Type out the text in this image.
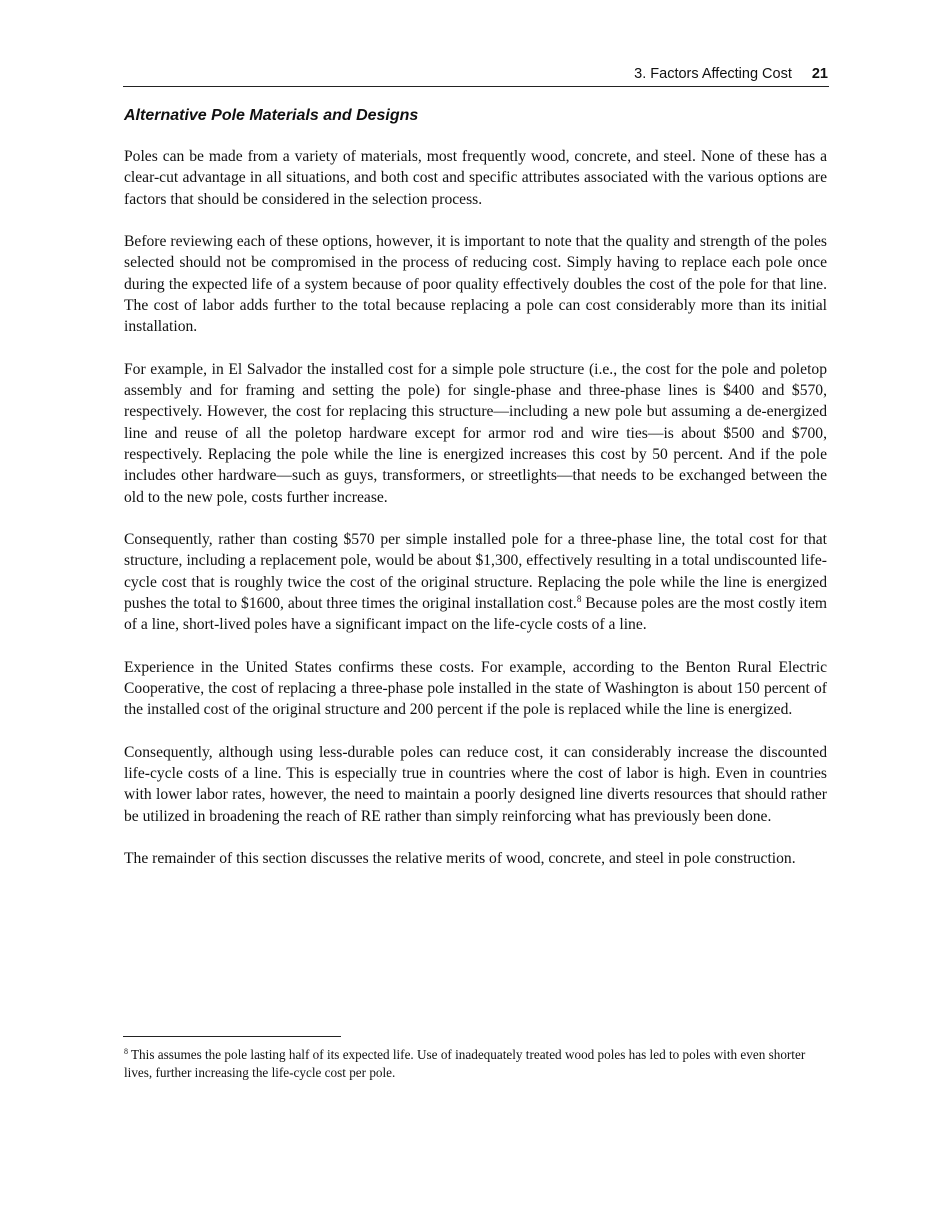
3. Factors Affecting Cost 21
Alternative Pole Materials and Designs

Poles can be made from a variety of materials, most frequently wood, concrete, and steel. None of these has a clear-cut advantage in all situations, and both cost and specific attributes associated with the various options are factors that should be considered in the selection process.

Before reviewing each of these options, however, it is important to note that the quality and strength of the poles selected should not be compromised in the process of reducing cost. Simply having to replace each pole once during the expected life of a system because of poor quality effectively doubles the cost of the pole for that line. The cost of labor adds further to the total because replacing a pole can cost considerably more than its initial installation.

For example, in El Salvador the installed cost for a simple pole structure (i.e., the cost for the pole and poletop assembly and for framing and setting the pole) for single-phase and three-phase lines is $400 and $570, respectively. However, the cost for replacing this structure—including a new pole but assuming a de-energized line and reuse of all the poletop hardware except for armor rod and wire ties—is about $500 and $700, respectively. Replacing the pole while the line is energized increases this cost by 50 percent. And if the pole includes other hardware—such as guys, transformers, or streetlights—that needs to be exchanged between the old to the new pole, costs further increase.

Consequently, rather than costing $570 per simple installed pole for a three-phase line, the total cost for that structure, including a replacement pole, would be about $1,300, effectively resulting in a total undiscounted life-cycle cost that is roughly twice the cost of the original structure. Replacing the pole while the line is energized pushes the total to $1600, about three times the original installation cost.$^8$ Because poles are the most costly item of a line, short-lived poles have a significant impact on the life-cycle costs of a line.

Experience in the United States confirms these costs. For example, according to the Benton Rural Electric Cooperative, the cost of replacing a three-phase pole installed in the state of Washington is about 150 percent of the installed cost of the original structure and 200 percent if the pole is replaced while the line is energized.

Consequently, although using less-durable poles can reduce cost, it can considerably increase the discounted life-cycle costs of a line. This is especially true in countries where the cost of labor is high. Even in countries with lower labor rates, however, the need to maintain a poorly designed line diverts resources that should rather be utilized in broadening the reach of RE rather than simply reinforcing what has previously been done.

The remainder of this section discusses the relative merits of wood, concrete, and steel in pole construction.

$^8$ This assumes the pole lasting half of its expected life. Use of inadequately treated wood poles has led to poles with even shorter lives, further increasing the life-cycle cost per pole.
